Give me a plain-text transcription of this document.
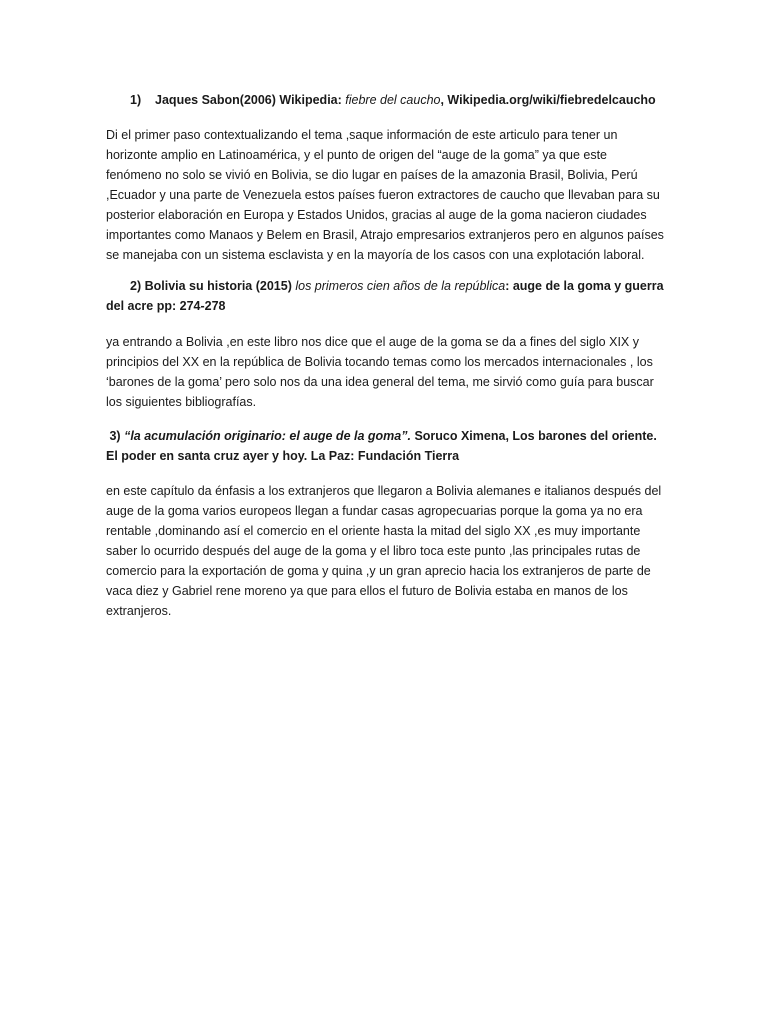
1) Jaques Sabon(2006) Wikipedia: fiebre del caucho, Wikipedia.org/wiki/fiebredelcaucho

Di el primer paso contextualizando el tema ,saque información de este articulo para tener un horizonte amplio en Latinoamérica, y el punto de origen del “auge de la goma” ya que este fenómeno no solo se vivió en Bolivia, se dio lugar en países de la amazonia Brasil, Bolivia, Perú ,Ecuador y una parte de Venezuela estos países fueron extractores de caucho que llevaban para su posterior elaboración en Europa y Estados Unidos, gracias al auge de la goma nacieron ciudades importantes como Manaos y Belem en Brasil, Atrajo empresarios extranjeros pero en algunos países se manejaba con un sistema esclavista y en la mayoría de los casos con una explotación laboral.

2) Bolivia su historia (2015) los primeros cien años de la república: auge de la goma y guerra del acre pp: 274-278

ya entrando a Bolivia ,en este libro nos dice que el auge de la goma se da a fines del siglo XIX y principios del XX en la república de Bolivia tocando temas como los mercados internacionales , los ‘barones de la goma’ pero solo nos da una idea general del tema, me sirvió como guía para buscar los siguientes bibliografías.

3) “la acumulación originario: el auge de la goma”. Soruco Ximena, Los barones del oriente. El poder en santa cruz ayer y hoy. La Paz: Fundación Tierra

en este capítulo da énfasis a los extranjeros que llegaron a Bolivia alemanes e italianos después del auge de la goma varios europeos llegan a fundar casas agropecuarias porque la goma ya no era rentable ,dominando así el comercio en el oriente hasta la mitad del siglo XX ,es muy importante saber lo ocurrido después del auge de la goma y el libro toca este punto ,las principales rutas de comercio para la exportación de goma y quina ,y un gran aprecio hacia los extranjeros de parte de vaca diez y Gabriel rene moreno ya que para ellos el futuro de Bolivia estaba en manos de los extranjeros.
